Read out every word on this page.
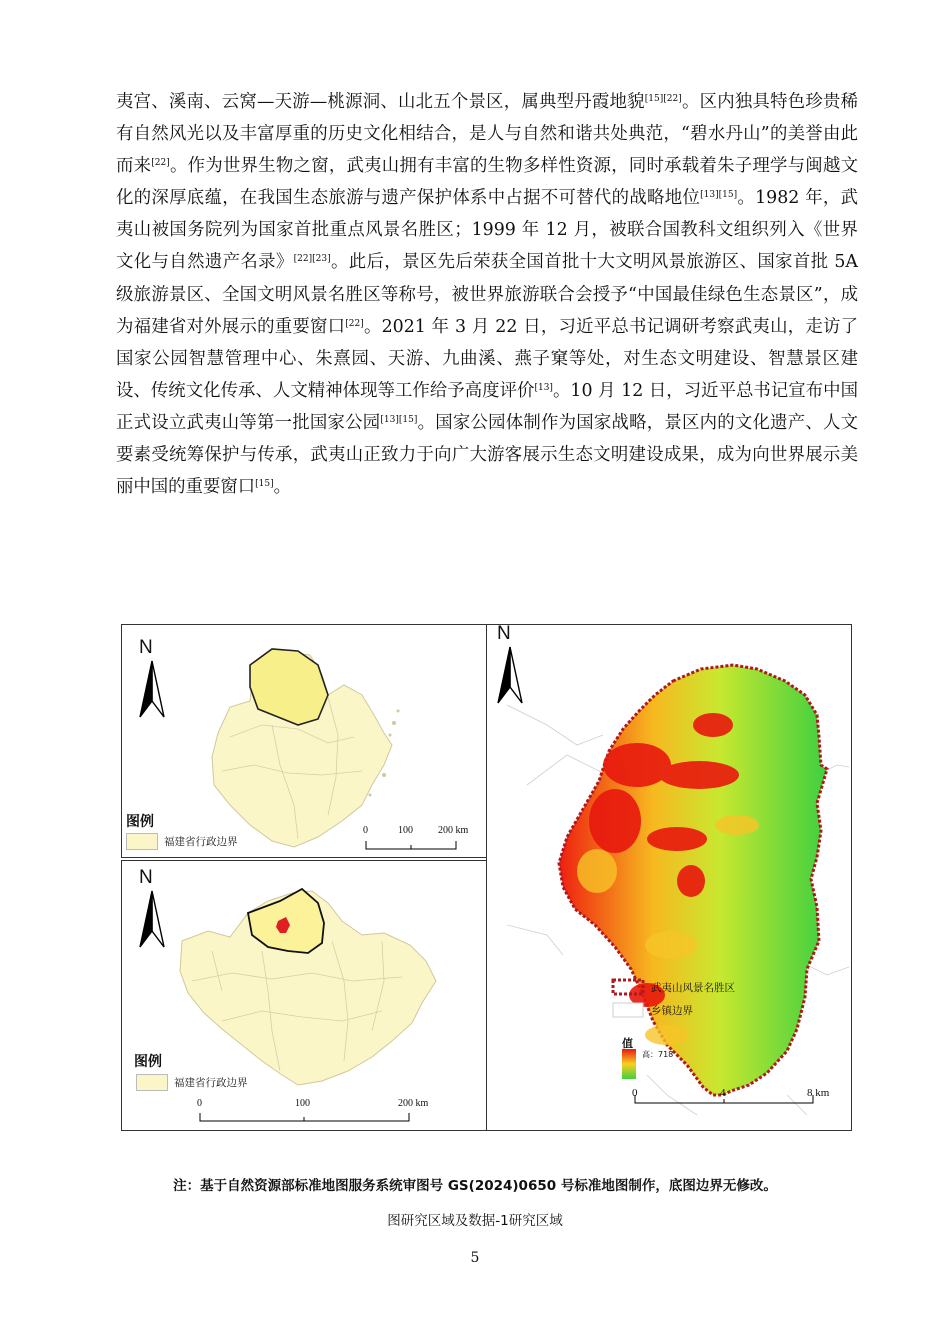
夷宫、溪南、云窝—天游—桃源洞、山北五个景区，属典型丹霞地貌[15][22]。区内独具特色珍贵稀有自然风光以及丰富厚重的历史文化相结合，是人与自然和谐共处典范，“碧水丹山”的美誉由此而来[22]。作为世界生物之窗，武夷山拥有丰富的生物多样性资源，同时承载着朱子理学与闽越文化的深厚底蕴，在我国生态旅游与遗产保护体系中占据不可替代的战略地位[13][15]。1982 年，武夷山被国务院列为国家首批重点风景名胜区；1999 年 12 月，被联合国教科文组织列入《世界文化与自然遗产名录》[22][23]。此后，景区先后荣获全国首批十大文明风景旅游区、国家首批 5A 级旅游景区、全国文明风景名胜区等称号，被世界旅游联合会授予“中国最佳绿色生态景区”，成为福建省对外展示的重要窗口[22]。2021 年 3 月 22 日，习近平总书记调研考察武夷山，走访了国家公园智慧管理中心、朱熹园、天游、九曲溪、燕子窠等处，对生态文明建设、智慧景区建设、传统文化传承、人文精神体现等工作给予高度评价[13]。10 月 12 日，习近平总书记宣布中国正式设立武夷山等第一批国家公园[13][15]。国家公园体制作为国家战略，景区内的文化遗产、人文要素受统筹保护与传承，武夷山正致力于向广大游客展示生态文明建设成果，成为向世界展示美丽中国的重要窗口[15]。

N
图例
福建省行政边界
0	100	200 km
N
图例
福建省行政边界
0	100	200 km
N
武夷山风景名胜区
乡镇边界
值
高：718
0	4	8 km
注：基于自然资源部标准地图服务系统审图号 GS(2024)0650 号标准地图制作，底图边界无修改。
图研究区域及数据-1研究区域
5
